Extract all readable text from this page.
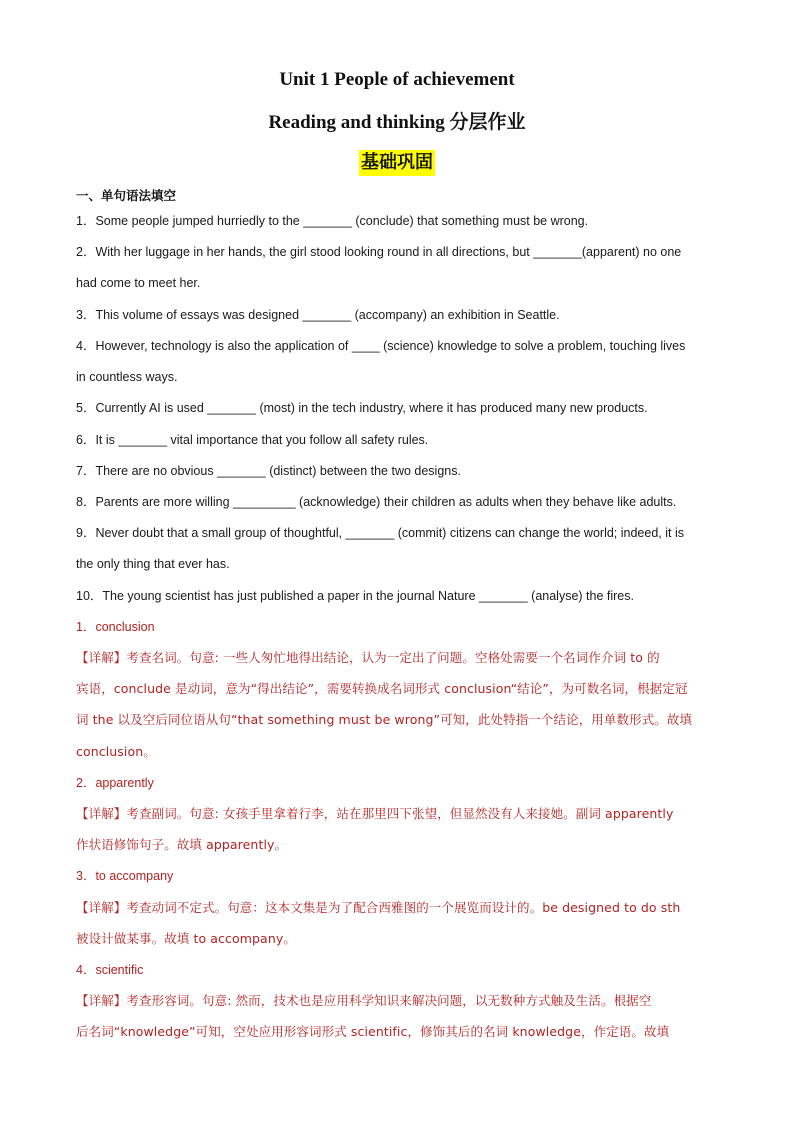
Unit 1 People of achievement
Reading and thinking 分层作业
基础巩固
一、单句语法填空
1．Some people jumped hurriedly to the _______ (conclude) that something must be wrong.
2．With her luggage in her hands, the girl stood looking round in all directions, but _______(apparent) no one
had come to meet her.
3．This volume of essays was designed _______ (accompany) an exhibition in Seattle.
4．However, technology is also the application of ____ (science) knowledge to solve a problem, touching lives
in countless ways.
5．Currently AI is used _______ (most) in the tech industry, where it has produced many new products.
6．It is _______ vital importance that you follow all safety rules.
7．There are no obvious _______ (distinct) between the two designs.
8．Parents are more willing _________ (acknowledge) their children as adults when they behave like adults.
9．Never doubt that a small group of thoughtful, _______ (commit) citizens can change the world; indeed, it is
the only thing that ever has.
10．The young scientist has just published a paper in the journal Nature _______ (analyse) the fires.
1．conclusion
【详解】考查名词。句意: 一些人匆忙地得出结论，认为一定出了问题。空格处需要一个名词作介词 to 的
宾语，conclude 是动词，意为“得出结论”，需要转换成名词形式 conclusion“结论”，为可数名词，根据定冠
词 the 以及空后同位语从句“that something must be wrong”可知，此处特指一个结论，用单数形式。故填
conclusion。
2．apparently
【详解】考查副词。句意: 女孩手里拿着行李，站在那里四下张望，但显然没有人来接她。副词 apparently
作状语修饰句子。故填 apparently。
3．to accompany
【详解】考查动词不定式。句意：这本文集是为了配合西雅图的一个展览而设计的。be designed to do sth
被设计做某事。故填 to accompany。
4．scientific
【详解】考查形容词。句意: 然而，技术也是应用科学知识来解决问题，以无数种方式触及生活。根据空
后名词“knowledge”可知，空处应用形容词形式 scientific，修饰其后的名词 knowledge，作定语。故填
